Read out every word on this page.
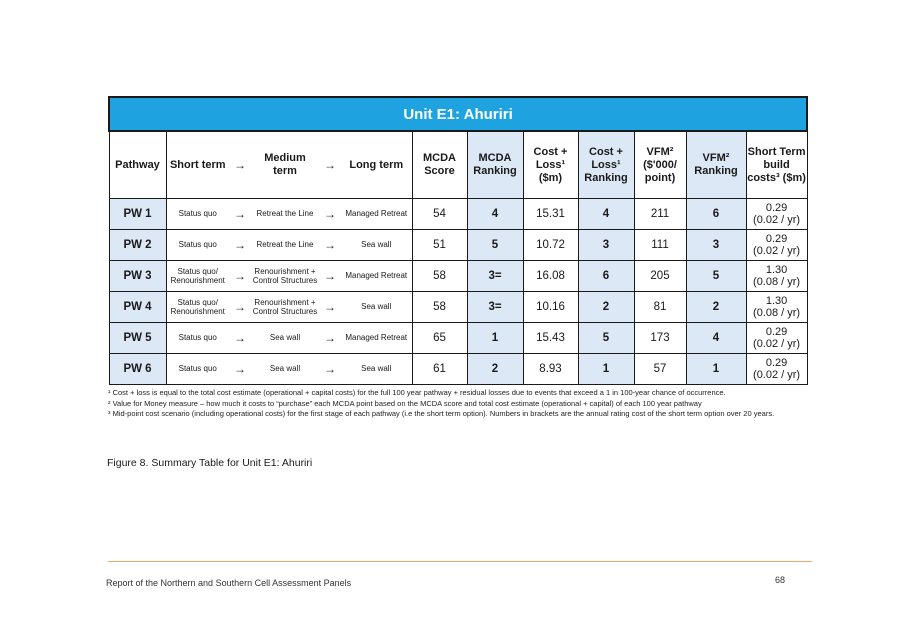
Unit E1: Ahuriri												
Pathway	Short term	→	Medium term	→	Long term	MCDA Score	MCDA Ranking	Cost + Loss¹ ($m)	Cost + Loss¹ Ranking	VFM² ($'000/ point)	VFM² Ranking	Short Term build costs³ ($m)
PW 1	Status quo	→	Retreat the Line	→	Managed Retreat	54	4	15.31	4	211	6	0.29
(0.02 / yr)
PW 2	Status quo	→	Retreat the Line	→	Sea wall	51	5	10.72	3	111	3	0.29
(0.02 / yr)
PW 3	Status quo/ Renourishment	→	Renourishment + Control Structures	→	Managed Retreat	58	3=	16.08	6	205	5	1.30
(0.08 / yr)
PW 4	Status quo/ Renourishment	→	Renourishment + Control Structures	→	Sea wall	58	3=	10.16	2	81	2	1.30
(0.08 / yr)
PW 5	Status quo	→	Sea wall	→	Managed Retreat	65	1	15.43	5	173	4	0.29
(0.02 / yr)
PW 6	Status quo	→	Sea wall	→	Sea wall	61	2	8.93	1	57	1	0.29
(0.02 / yr)

¹ Cost + loss is equal to the total cost estimate (operational + capital costs) for the full 100 year pathway + residual losses due to events that exceed a 1 in 100-year chance of occurrence.

² Value for Money measure – how much it costs to “purchase” each MCDA point based on the MCDA score and total cost estimate (operational + capital) of each 100 year pathway

³ Mid-point cost scenario (including operational costs) for the first stage of each pathway (i.e the short term option). Numbers in brackets are the annual rating cost of the short term option over 20 years.

Figure 8. Summary Table for Unit E1: Ahuriri
Report of the Northern and Southern Cell Assessment Panels	68
